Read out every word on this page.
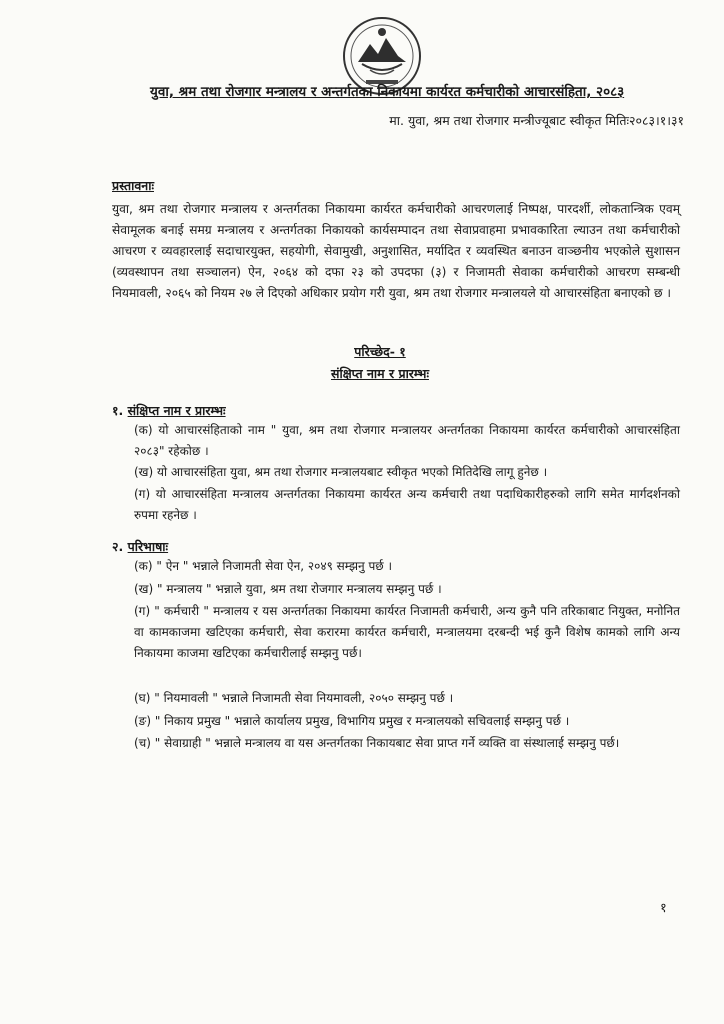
युवा, श्रम तथा रोजगार मन्त्रालय र अन्तर्गतका निकायमा कार्यरत कर्मचारीको आचारसंहिता, २०८३
मा. युवा, श्रम तथा रोजगार मन्त्रीज्यूबाट स्वीकृत मितिः२०८३।१।३१
प्रस्तावनाः
युवा, श्रम तथा रोजगार मन्त्रालय र अन्तर्गतका निकायमा कार्यरत कर्मचारीको आचरणलाई निष्पक्ष, पारदर्शी, लोकतान्त्रिक एवम् सेवामूलक बनाई समग्र मन्त्रालय र अन्तर्गतका निकायको कार्यसम्पादन तथा सेवाप्रवाहमा प्रभावकारिता ल्याउन तथा कर्मचारीको आचरण र व्यवहारलाई सदाचारयुक्त, सहयोगी, सेवामुखी, अनुशासित, मर्यादित र व्यवस्थित बनाउन वाञ्छनीय भएकोले सुशासन (व्यवस्थापन तथा सञ्चालन) ऐन, २०६४ को दफा २३ को उपदफा (३) र निजामती सेवाका कर्मचारीको आचरण सम्बन्धी नियमावली, २०६५ को नियम २७ ले दिएको अधिकार प्रयोग गरी युवा, श्रम तथा रोजगार मन्त्रालयले यो आचारसंहिता बनाएको छ ।
परिच्छेद- १
संक्षिप्त नाम र प्रारम्भः
१. संक्षिप्त नाम र प्रारम्भः
(क) यो आचारसंहिताको नाम " युवा, श्रम तथा रोजगार मन्त्रालयर अन्तर्गतका निकायमा कार्यरत कर्मचारीको आचारसंहिता २०८३" रहेकोछ ।
(ख) यो आचारसंहिता युवा, श्रम तथा रोजगार मन्त्रालयबाट स्वीकृत भएको मितिदेखि लागू हुनेछ ।
(ग) यो आचारसंहिता मन्त्रालय अन्तर्गतका निकायमा कार्यरत अन्य कर्मचारी तथा पदाधिकारीहरुको लागि समेत मार्गदर्शनको रुपमा रहनेछ ।
२. परिभाषाः
(क) " ऐन " भन्नाले निजामती सेवा ऐन, २०४९ सम्झनु पर्छ ।
(ख) " मन्त्रालय " भन्नाले युवा, श्रम तथा रोजगार मन्त्रालय सम्झनु पर्छ ।
(ग) " कर्मचारी " मन्त्रालय र यस अन्तर्गतका निकायमा कार्यरत निजामती कर्मचारी, अन्य कुनै पनि तरिकाबाट नियुक्त, मनोनित वा कामकाजमा खटिएका कर्मचारी, सेवा करारमा कार्यरत कर्मचारी, मन्त्रालयमा दरबन्दी भई कुनै विशेष कामको लागि अन्य निकायमा काजमा खटिएका कर्मचारीलाई सम्झनु पर्छ।
(घ) " नियमावली " भन्नाले निजामती सेवा नियमावली, २०५० सम्झनु पर्छ ।
(ङ) " निकाय प्रमुख " भन्नाले कार्यालय प्रमुख, विभागिय प्रमुख र मन्त्रालयको सचिवलाई सम्झनु पर्छ ।
(च) " सेवाग्राही " भन्नाले मन्त्रालय वा यस अन्तर्गतका निकायबाट सेवा प्राप्त गर्ने व्यक्ति वा संस्थालाई सम्झनु पर्छ।
१
